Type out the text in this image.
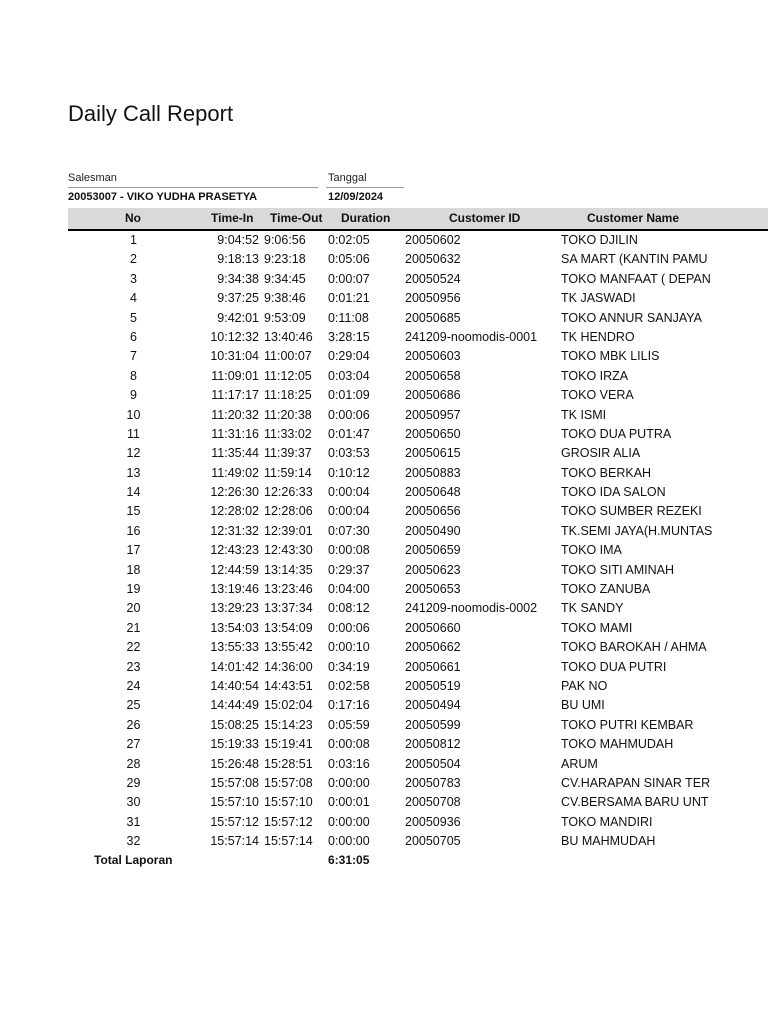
Daily Call Report
Salesman	Tanggal
20053007 - VIKO YUDHA PRASETYA	12/09/2024
No	Time-In Time-Out Duration	Customer ID	Customer Name
1	9:04:52 9:06:56	0:02:05	20050602	TOKO DJILIN
2	9:18:13 9:23:18	0:05:06	20050632	SA MART (KANTIN PAMU
3	9:34:38 9:34:45	0:00:07	20050524	TOKO MANFAAT ( DEPAN
4	9:37:25 9:38:46	0:01:21	20050956	TK JASWADI
5	9:42:01 9:53:09	0:11:08	20050685	TOKO ANNUR SANJAYA
6	10:12:32 13:40:46	3:28:15	241209-noomodis-0001	TK HENDRO
7	10:31:04 11:00:07	0:29:04	20050603	TOKO MBK LILIS
8	11:09:01 11:12:05	0:03:04	20050658	TOKO IRZA
9	11:17:17 11:18:25	0:01:09	20050686	TOKO VERA
10	11:20:32 11:20:38	0:00:06	20050957	TK ISMI
11	11:31:16 11:33:02	0:01:47	20050650	TOKO DUA PUTRA
12	11:35:44 11:39:37	0:03:53	20050615	GROSIR ALIA
13	11:49:02 11:59:14	0:10:12	20050883	TOKO BERKAH
14	12:26:30 12:26:33	0:00:04	20050648	TOKO IDA SALON
15	12:28:02 12:28:06	0:00:04	20050656	TOKO SUMBER REZEKI
16	12:31:32 12:39:01	0:07:30	20050490	TK.SEMI JAYA(H.MUNTAS
17	12:43:23 12:43:30	0:00:08	20050659	TOKO IMA
18	12:44:59 13:14:35	0:29:37	20050623	TOKO SITI AMINAH
19	13:19:46 13:23:46	0:04:00	20050653	TOKO ZANUBA
20	13:29:23 13:37:34	0:08:12	241209-noomodis-0002	TK SANDY
21	13:54:03 13:54:09	0:00:06	20050660	TOKO MAMI
22	13:55:33 13:55:42	0:00:10	20050662	TOKO BAROKAH / AHMA
23	14:01:42 14:36:00	0:34:19	20050661	TOKO DUA PUTRI
24	14:40:54 14:43:51	0:02:58	20050519	PAK NO
25	14:44:49 15:02:04	0:17:16	20050494	BU UMI
26	15:08:25 15:14:23	0:05:59	20050599	TOKO PUTRI KEMBAR
27	15:19:33 15:19:41	0:00:08	20050812	TOKO MAHMUDAH
28	15:26:48 15:28:51	0:03:16	20050504	ARUM
29	15:57:08 15:57:08	0:00:00	20050783	CV.HARAPAN SINAR TER
30	15:57:10 15:57:10	0:00:01	20050708	CV.BERSAMA BARU UNT
31	15:57:12 15:57:12	0:00:00	20050936	TOKO MANDIRI
32	15:57:14 15:57:14	0:00:00	20050705	BU MAHMUDAH
Total Laporan	6:31:05
